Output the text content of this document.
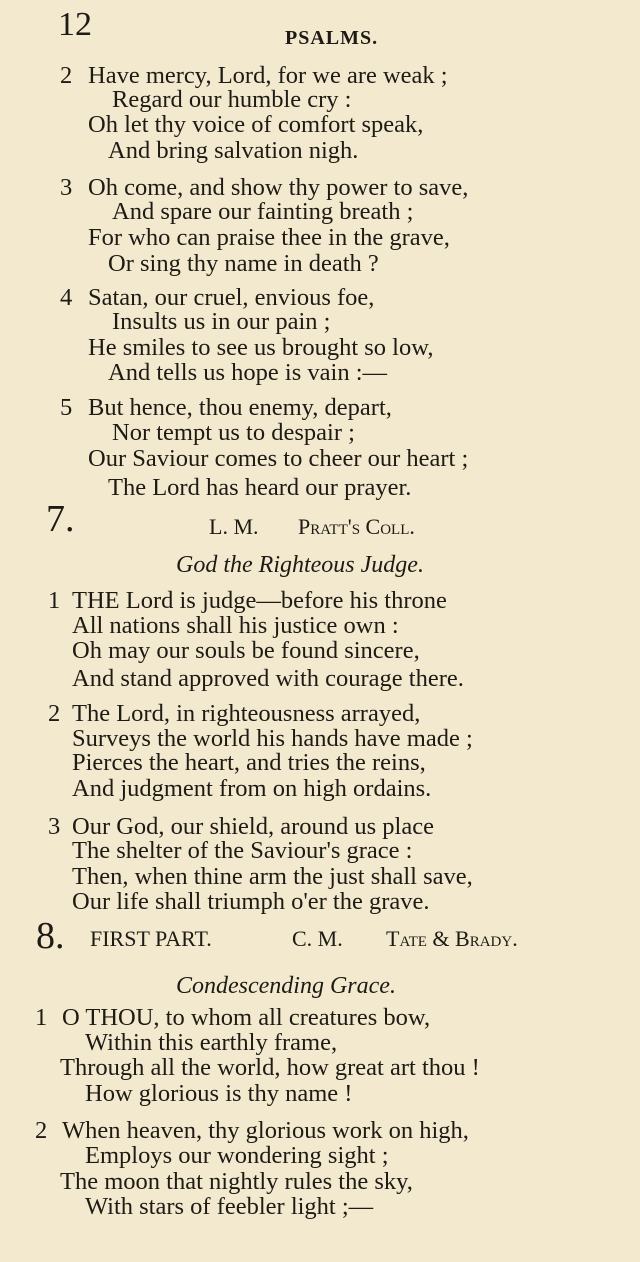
12	PSALMS.
7.	L. M. Pratt's Coll.
God the Righteous Judge.
8. FIRST PART.	C. M. Tate & Brady.
Condescending Grace.
2 Have mercy, Lord, for we are weak ;
Regard our humble cry :
Oh let thy voice of comfort speak,
And bring salvation nigh.
3 Oh come, and show thy power to save,
And spare our fainting breath ;
For who can praise thee in the grave,
Or sing thy name in death ?
4 Satan, our cruel, envious foe,
Insults us in our pain ;
He smiles to see us brought so low,
And tells us hope is vain :—
5 But hence, thou enemy, depart,
Nor tempt us to despair ;
Our Saviour comes to cheer our heart ;
The Lord has heard our prayer.
1 THE Lord is judge—before his throne
All nations shall his justice own :
Oh may our souls be found sincere,
And stand approved with courage there.
2 The Lord, in righteousness arrayed,
Surveys the world his hands have made ;
Pierces the heart, and tries the reins,
And judgment from on high ordains.
3 Our God, our shield, around us place
The shelter of the Saviour's grace :
Then, when thine arm the just shall save,
Our life shall triumph o'er the grave.
1 O THOU, to whom all creatures bow,
Within this earthly frame,
Through all the world, how great art thou !
How glorious is thy name !
2 When heaven, thy glorious work on high,
Employs our wondering sight ;
The moon that nightly rules the sky,
With stars of feebler light ;—
